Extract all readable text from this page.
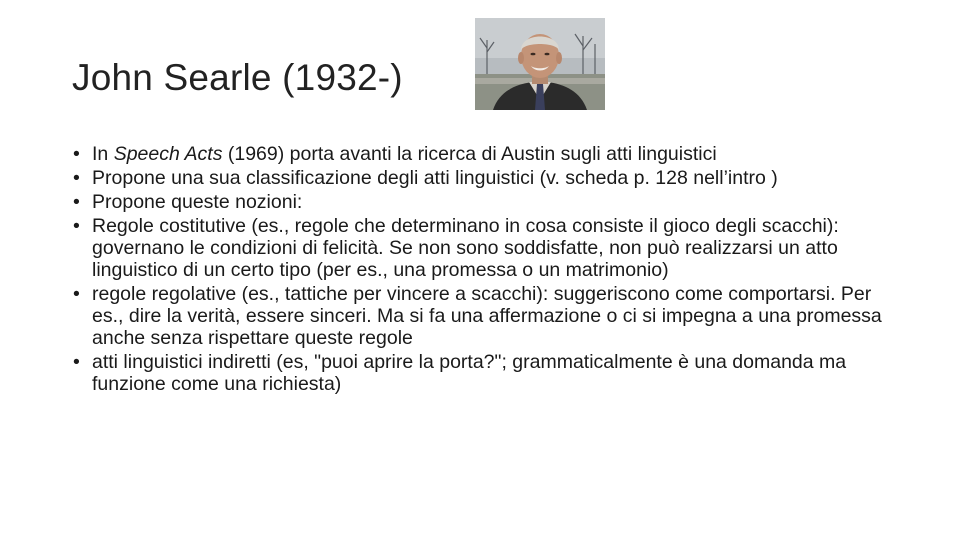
John Searle (1932-)
• In Speech Acts (1969) porta avanti la ricerca di Austin sugli atti linguistici
• Propone una sua classificazione degli atti linguistici (v. scheda p. 128 nell’intro )
• Propone queste nozioni:
• Regole costitutive (es., regole che determinano in cosa consiste il gioco degli scacchi): governano le condizioni di felicità. Se non sono soddisfatte, non può realizzarsi un atto linguistico di un certo tipo (per es., una promessa o un matrimonio)
• regole regolative (es., tattiche per vincere a scacchi): suggeriscono come comportarsi. Per es., dire la verità, essere sinceri. Ma si fa una affermazione o ci si impegna a una promessa anche senza rispettare queste regole
• atti linguistici indiretti (es, "puoi aprire la porta?"; grammaticalmente è una domanda ma funzione come una richiesta)
